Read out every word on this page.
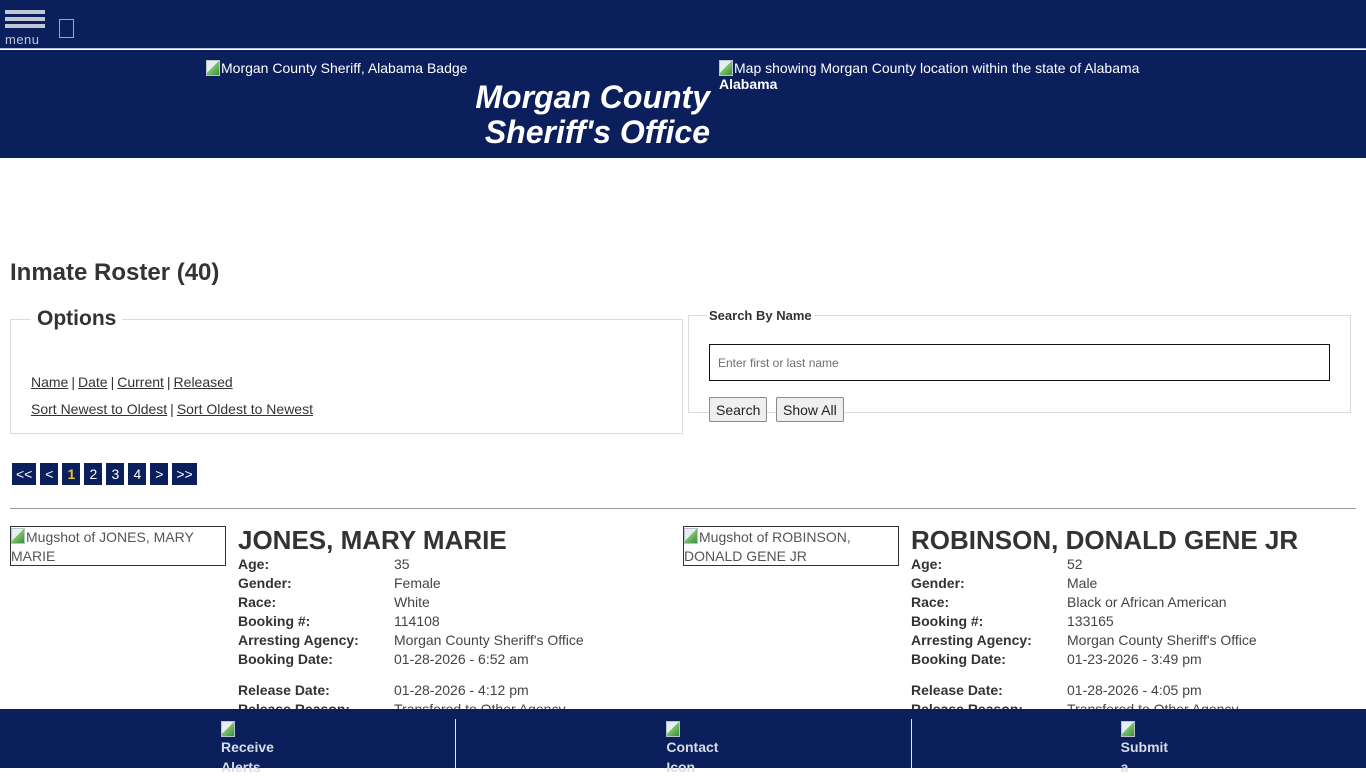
menu
Morgan County Sheriff, Alabama Badge
Morgan County
Sheriff's Office
Map showing Morgan County location within the state of Alabama
Alabama
Inmate Roster (40)
Options
Name | Date | Current | Released
Sort Newest to Oldest | Sort Oldest to Newest
Search By Name
Enter first or last name
Search	Show All
<< <	1	2	3	4	> >>
Mugshot of JONES, MARY MARIE
JONES, MARY MARIE
Age:	35
Gender:	Female
Race:	White
Booking #:	114108
Arresting Agency:	Morgan County Sheriff's Office
Booking Date:	01-28-2026 - 6:52 am
Release Date:	01-28-2026 - 4:12 pm
Mugshot of ROBINSON, DONALD GENE JR
ROBINSON, DONALD GENE JR
Age:	52
Gender:	Male
Race:	Black or African American
Booking #:	133165
Arresting Agency:	Morgan County Sheriff's Office
Booking Date:	01-23-2026 - 3:49 pm
Release Date:	01-28-2026 - 4:05 pm
Receive Alerts
Contact Icon
Submit a
